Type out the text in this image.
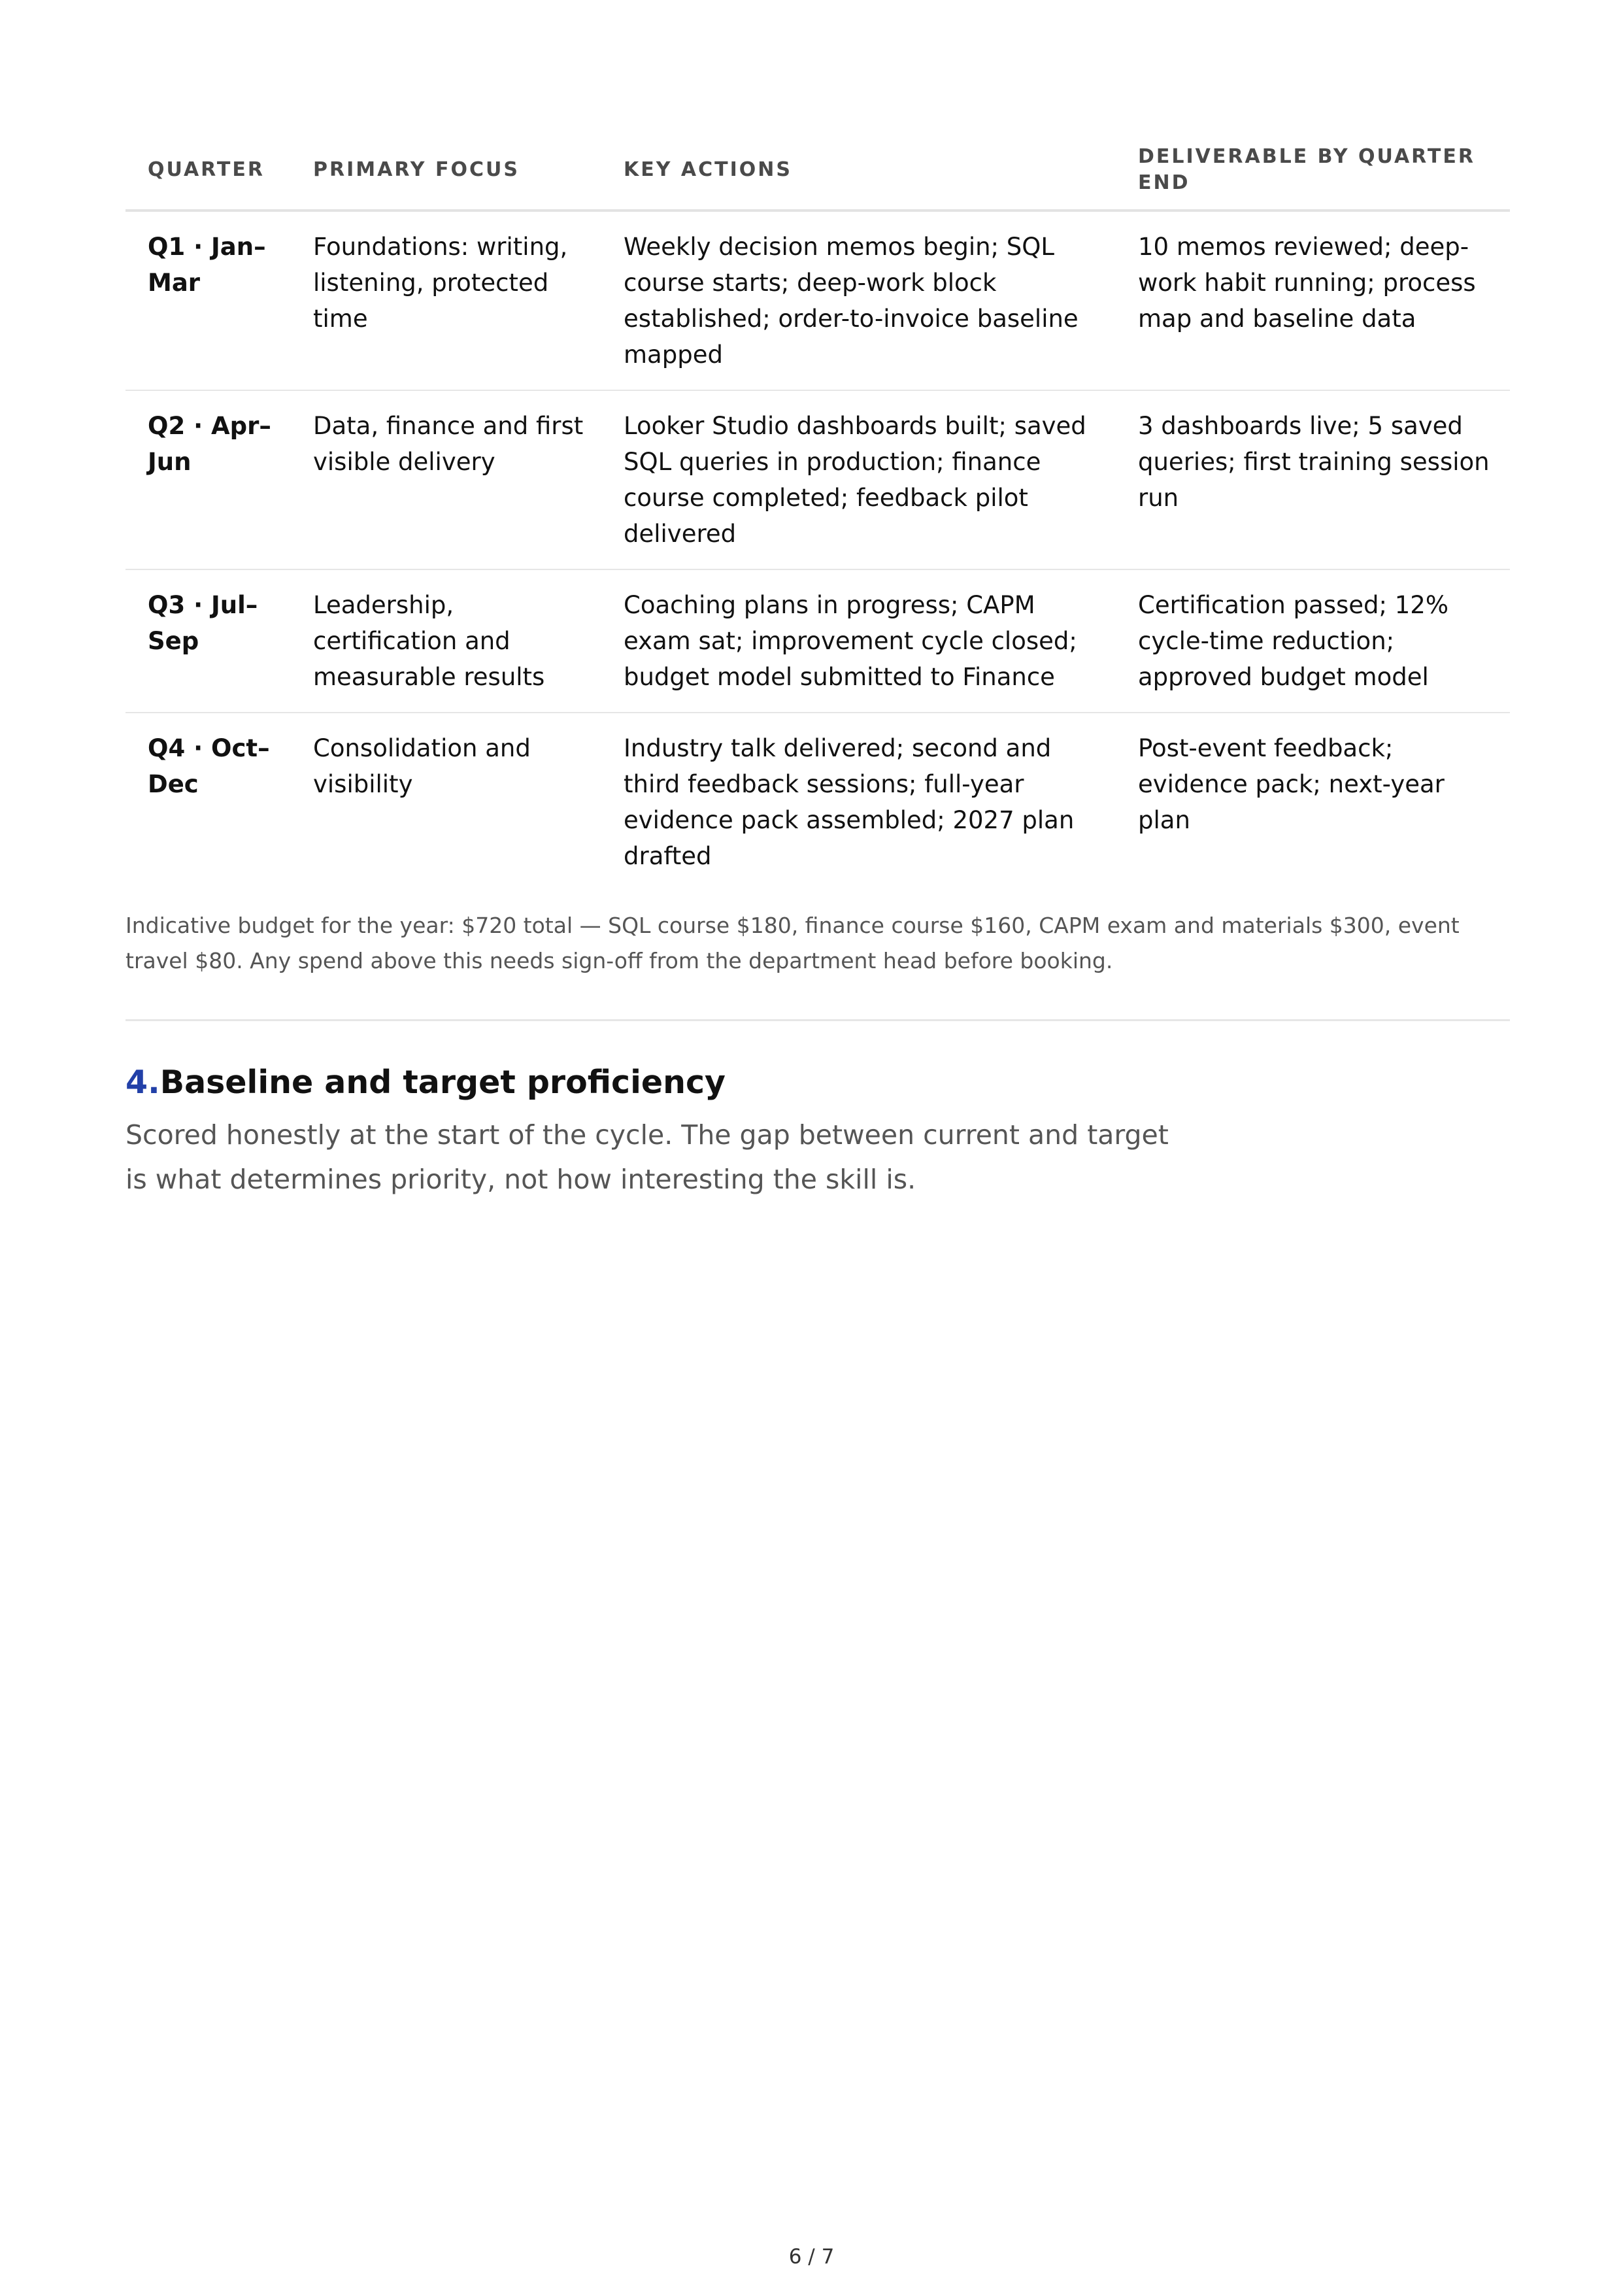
QUARTER	PRIMARY FOCUS	KEY ACTIONS	DELIVERABLE BY QUARTER END
Q1 · Jan–Mar	Foundations: writing, listening, protected time	Weekly decision memos begin; SQL course starts; deep-work block established; order-to-invoice baseline mapped	10 memos reviewed; deep-work habit running; process map and baseline data
Q2 · Apr–Jun	Data, finance and first visible delivery	Looker Studio dashboards built; saved SQL queries in production; finance course completed; feedback pilot delivered	3 dashboards live; 5 saved queries; first training session run
Q3 · Jul–Sep	Leadership, certification and measurable results	Coaching plans in progress; CAPM exam sat; improvement cycle closed; budget model submitted to Finance	Certification passed; 12% cycle-time reduction; approved budget model
Q4 · Oct–Dec	Consolidation and visibility	Industry talk delivered; second and third feedback sessions; full-year evidence pack assembled; 2027 plan drafted	Post-event feedback; evidence pack; next-year plan
Indicative budget for the year: $720 total — SQL course $180, finance course $160, CAPM exam and materials $300, event travel $80. Any spend above this needs sign-off from the department head before booking.
4.Baseline and target proficiency

Scored honestly at the start of the cycle. The gap between current and target is what determines priority, not how interesting the skill is.

6 / 7
